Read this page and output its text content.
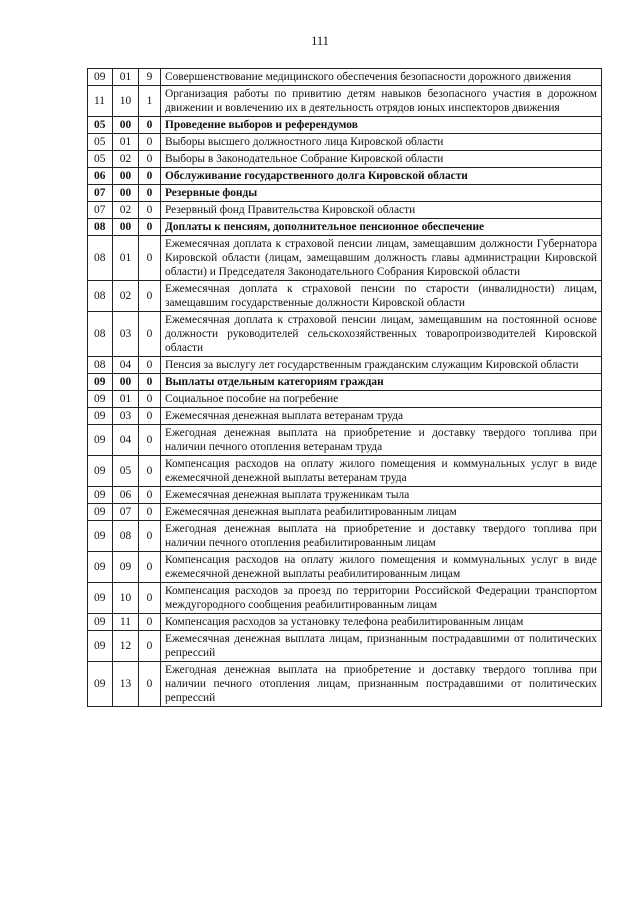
111
09	01	9	Совершенствование медицинского обеспечения безопасности дорожного движения
11	10	1	Организация работы по привитию детям навыков безопасного участия в дорожном движении и вовлечению их в деятельность отрядов юных инспекторов движения
05	00	0	Проведение выборов и референдумов
05	01	0	Выборы высшего должностного лица Кировской области
05	02	0	Выборы в Законодательное Собрание Кировской области
06	00	0	Обслуживание государственного долга Кировской области
07	00	0	Резервные фонды
07	02	0	Резервный фонд Правительства Кировской области
08	00	0	Доплаты к пенсиям, дополнительное пенсионное обеспечение
08	01	0	Ежемесячная доплата к страховой пенсии лицам, замещавшим должности Губернатора Кировской области (лицам, замещавшим должность главы администрации Кировской области) и Председателя Законодательного Собрания Кировской области
08	02	0	Ежемесячная доплата к страховой пенсии по старости (инвалидности) лицам, замещавшим государственные должности Кировской области
08	03	0	Ежемесячная доплата к страховой пенсии лицам, замещавшим на постоянной основе должности руководителей сельскохозяйственных товаропроизводителей Кировской области
08	04	0	Пенсия за выслугу лет государственным гражданским служащим Кировской области
09	00	0	Выплаты отдельным категориям граждан
09	01	0	Социальное пособие на погребение
09	03	0	Ежемесячная денежная выплата ветеранам труда
09	04	0	Ежегодная денежная выплата на приобретение и доставку твердого топлива при наличии печного отопления ветеранам труда
09	05	0	Компенсация расходов на оплату жилого помещения и коммунальных услуг в виде ежемесячной денежной выплаты ветеранам труда
09	06	0	Ежемесячная денежная выплата труженикам тыла
09	07	0	Ежемесячная денежная выплата реабилитированным лицам
09	08	0	Ежегодная денежная выплата на приобретение и доставку твердого топлива при наличии печного отопления реабилитированным лицам
09	09	0	Компенсация расходов на оплату жилого помещения и коммунальных услуг в виде ежемесячной денежной выплаты реабилитированным лицам
09	10	0	Компенсация расходов за проезд по территории Российской Федерации транспортом междугородного сообщения реабилитированным лицам
09	11	0	Компенсация расходов за установку телефона реабилитированным лицам
09	12	0	Ежемесячная денежная выплата лицам, признанным пострадавшими от политических репрессий
09	13	0	Ежегодная денежная выплата на приобретение и доставку твердого топлива при наличии печного отопления лицам, признанным пострадавшими от политических репрессий
